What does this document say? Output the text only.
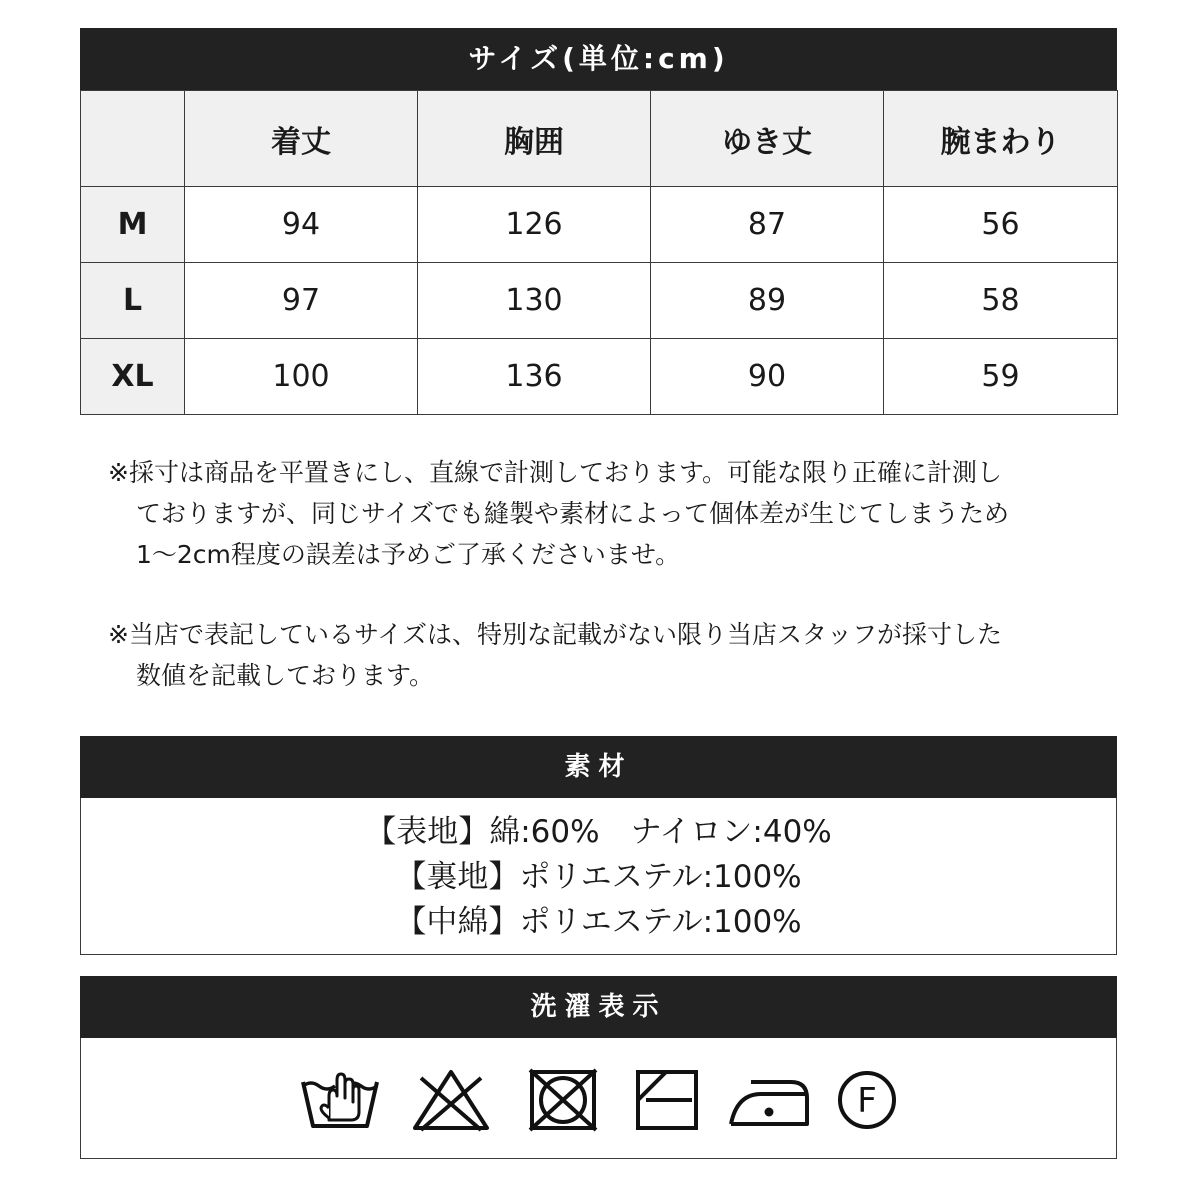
サイズ(単位:cm)
	着丈	胸囲	ゆき丈	腕まわり
M	94	126	87	56
L	97	130	89	58
XL	100	136	90	59
※採寸は商品を平置きにし、直線で計測しております。可能な限り正確に計測し
ておりますが、同じサイズでも縫製や素材によって個体差が生じてしまうため
1〜2cm程度の誤差は予めご了承くださいませ。
※当店で表記しているサイズは、特別な記載がない限り当店スタッフが採寸した
数値を記載しております。
素材
【表地】綿:60%　ナイロン:40%
【裏地】ポリエステル:100%
【中綿】ポリエステル:100%
洗濯表示
F
